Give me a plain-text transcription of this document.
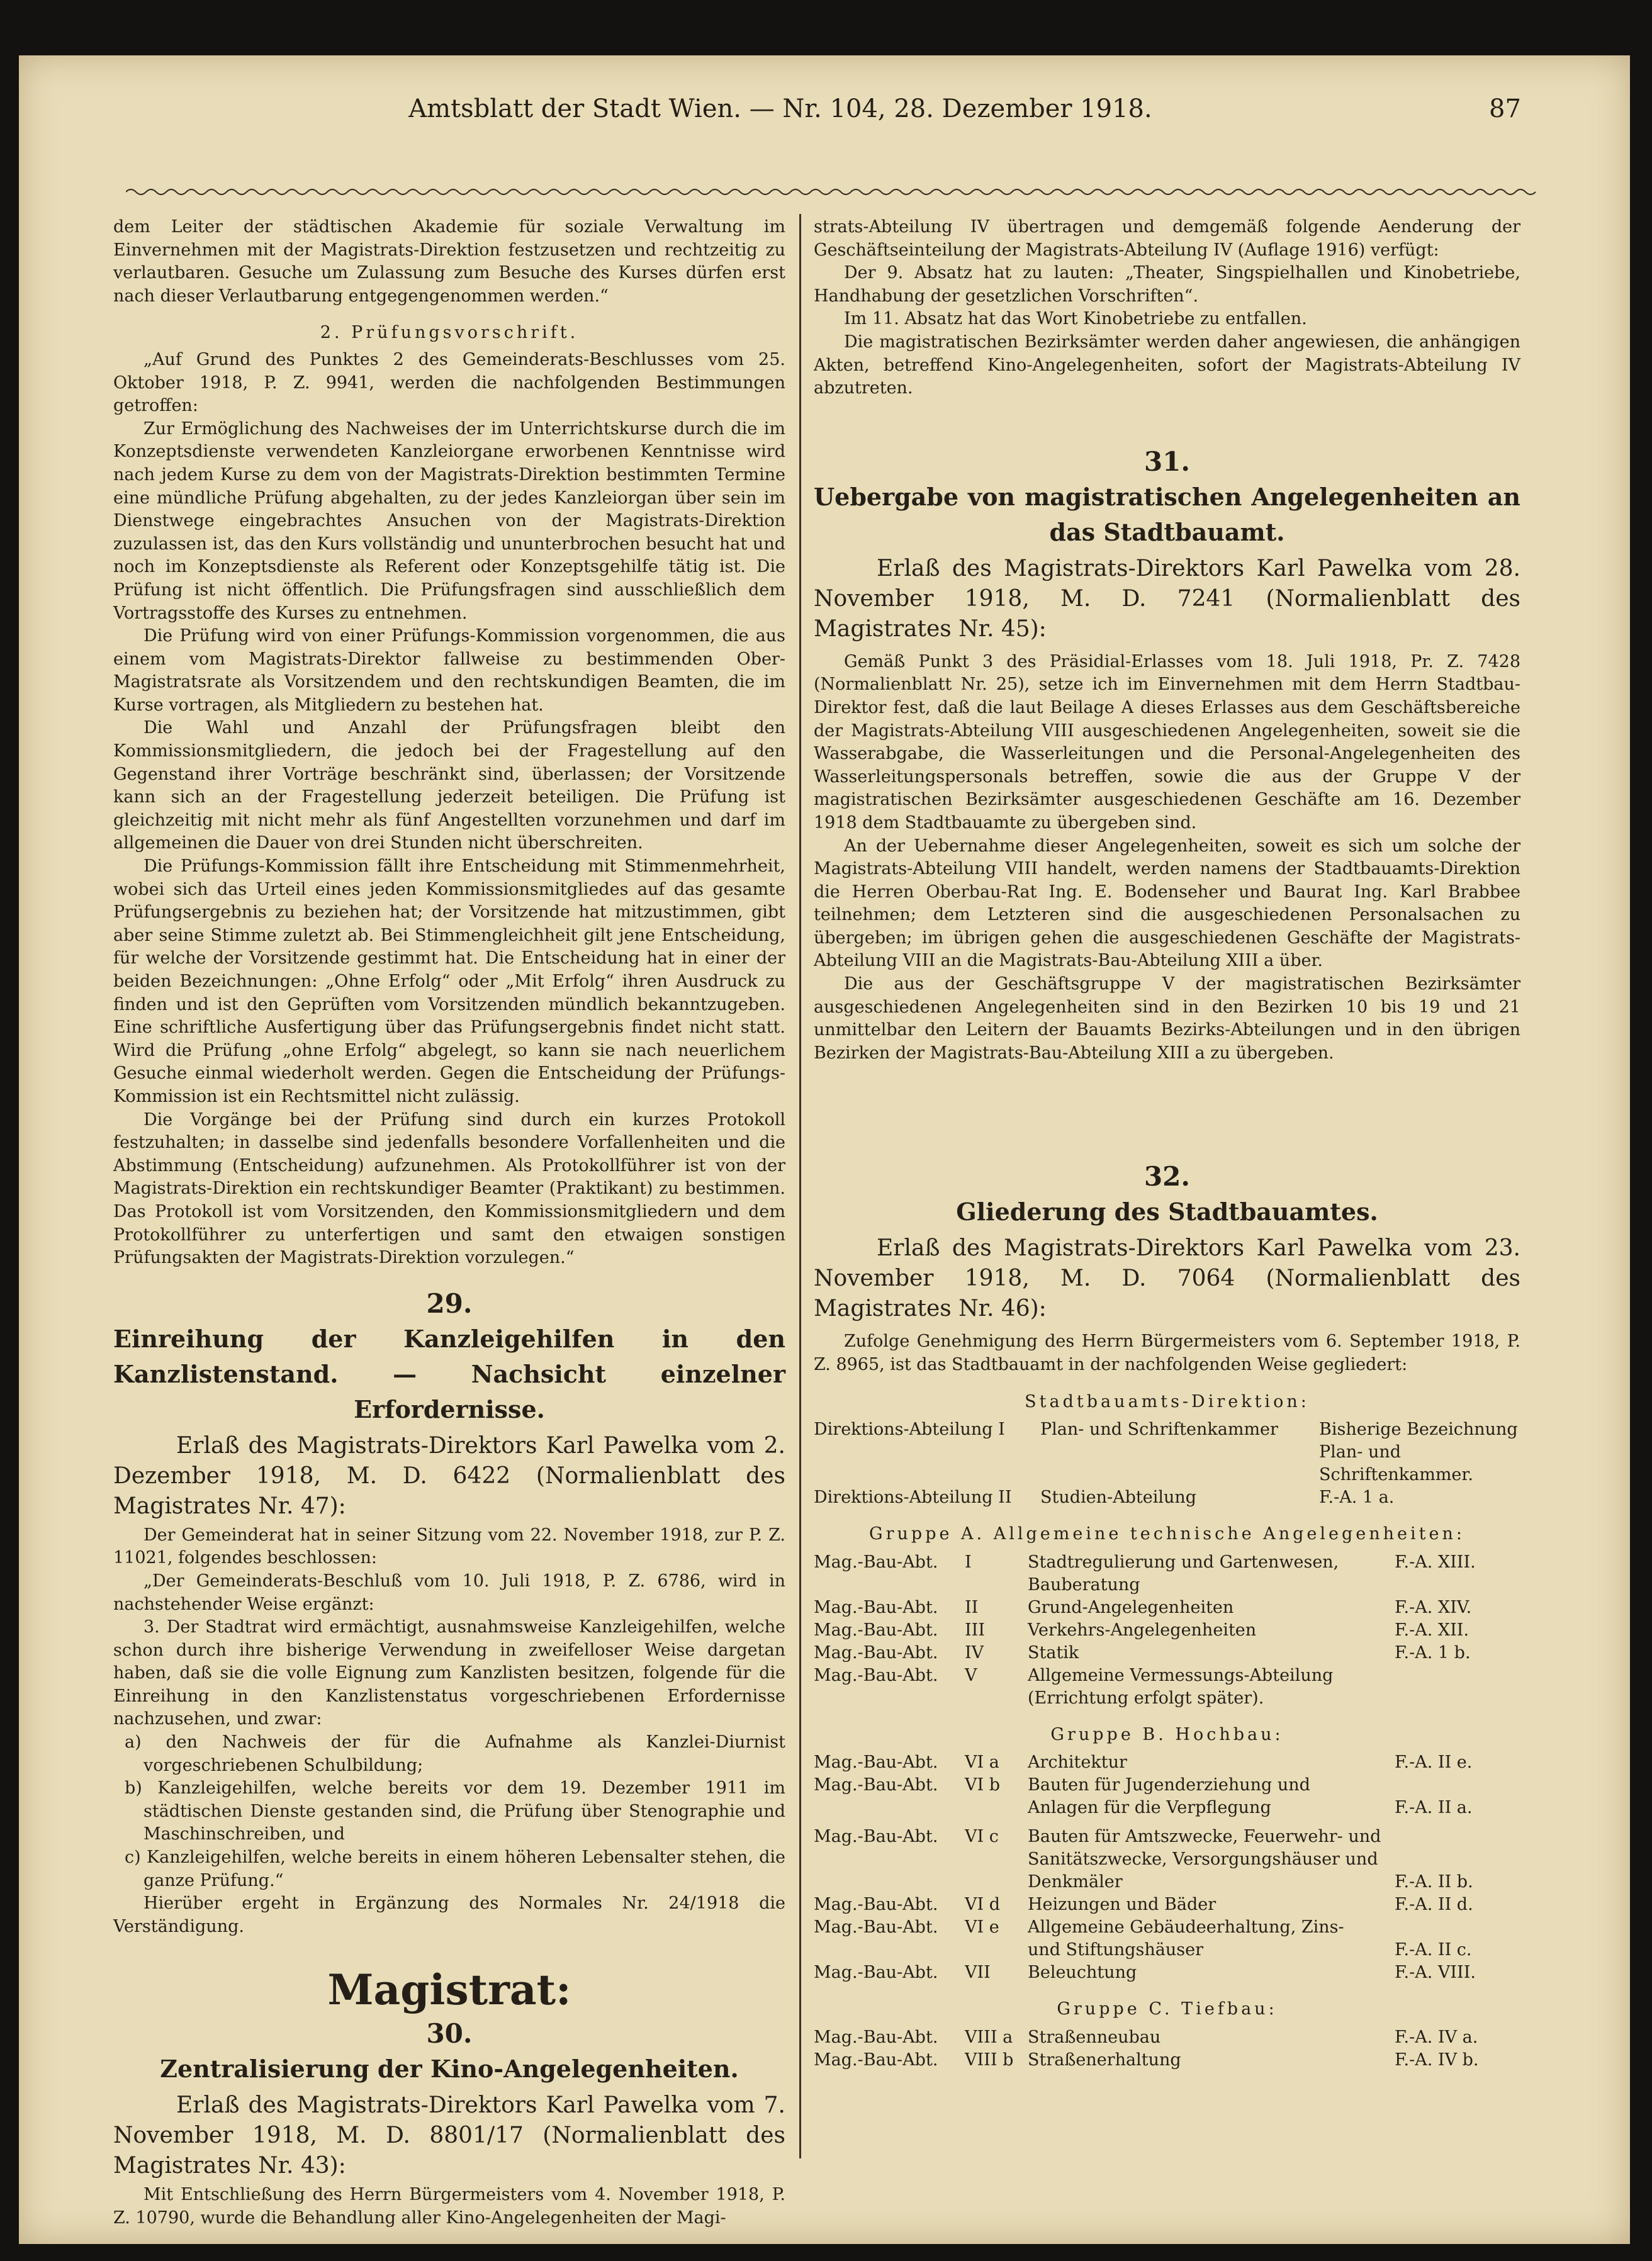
Amtsblatt der Stadt Wien. — Nr. 104, 28. Dezember 1918.	87

dem Leiter der städtischen Akademie für soziale Verwaltung im Einvernehmen mit der Magistrats-Direktion festzusetzen und rechtzeitig zu verlautbaren. Gesuche um Zulassung zum Besuche des Kurses dürfen erst nach dieser Verlautbarung entgegengenommen werden.“

2. Prüfungsvorschrift.

„Auf Grund des Punktes 2 des Gemeinderats-Beschlusses vom 25. Oktober 1918, P. Z. 9941, werden die nachfolgenden Bestimmungen getroffen:

Zur Ermöglichung des Nachweises der im Unterrichtskurse durch die im Konzeptsdienste verwendeten Kanzleiorgane erworbenen Kenntnisse wird nach jedem Kurse zu dem von der Magistrats-Direktion bestimmten Termine eine mündliche Prüfung abgehalten, zu der jedes Kanzleiorgan über sein im Dienstwege eingebrachtes Ansuchen von der Magistrats-Direktion zuzulassen ist, das den Kurs vollständig und ununterbrochen besucht hat und noch im Konzeptsdienste als Referent oder Konzeptsgehilfe tätig ist. Die Prüfung ist nicht öffentlich. Die Prüfungsfragen sind ausschließlich dem Vortragsstoffe des Kurses zu entnehmen.

Die Prüfung wird von einer Prüfungs-Kommission vorgenommen, die aus einem vom Magistrats-Direktor fallweise zu bestimmenden Ober-Magistratsrate als Vorsitzendem und den rechtskundigen Beamten, die im Kurse vortragen, als Mitgliedern zu bestehen hat.

Die Wahl und Anzahl der Prüfungsfragen bleibt den Kommissionsmitgliedern, die jedoch bei der Fragestellung auf den Gegenstand ihrer Vorträge beschränkt sind, überlassen; der Vorsitzende kann sich an der Fragestellung jederzeit beteiligen. Die Prüfung ist gleichzeitig mit nicht mehr als fünf Angestellten vorzunehmen und darf im allgemeinen die Dauer von drei Stunden nicht überschreiten.

Die Prüfungs-Kommission fällt ihre Entscheidung mit Stimmenmehrheit, wobei sich das Urteil eines jeden Kommissionsmitgliedes auf das gesamte Prüfungsergebnis zu beziehen hat; der Vorsitzende hat mitzustimmen, gibt aber seine Stimme zuletzt ab. Bei Stimmengleichheit gilt jene Entscheidung, für welche der Vorsitzende gestimmt hat. Die Entscheidung hat in einer der beiden Bezeichnungen: „Ohne Erfolg“ oder „Mit Erfolg“ ihren Ausdruck zu finden und ist den Geprüften vom Vorsitzenden mündlich bekanntzugeben. Eine schriftliche Ausfertigung über das Prüfungsergebnis findet nicht statt. Wird die Prüfung „ohne Erfolg“ abgelegt, so kann sie nach neuerlichem Gesuche einmal wiederholt werden. Gegen die Entscheidung der Prüfungs-Kommission ist ein Rechtsmittel nicht zulässig.

Die Vorgänge bei der Prüfung sind durch ein kurzes Protokoll festzuhalten; in dasselbe sind jedenfalls besondere Vorfallenheiten und die Abstimmung (Entscheidung) aufzunehmen. Als Protokollführer ist von der Magistrats-Direktion ein rechtskundiger Beamter (Praktikant) zu bestimmen. Das Protokoll ist vom Vorsitzenden, den Kommissionsmitgliedern und dem Protokollführer zu unterfertigen und samt den etwaigen sonstigen Prüfungsakten der Magistrats-Direktion vorzulegen.“

29.
Einreihung der Kanzleigehilfen in den Kanzlistenstand. — Nachsicht einzelner Erfordernisse.

Erlaß des Magistrats-Direktors Karl Pawelka vom 2. Dezember 1918, M. D. 6422 (Normalienblatt des Magistrates Nr. 47):

Der Gemeinderat hat in seiner Sitzung vom 22. November 1918, zur P. Z. 11021, folgendes beschlossen:

„Der Gemeinderats-Beschluß vom 10. Juli 1918, P. Z. 6786, wird in nachstehender Weise ergänzt:

3. Der Stadtrat wird ermächtigt, ausnahmsweise Kanzleigehilfen, welche schon durch ihre bisherige Verwendung in zweifelloser Weise dargetan haben, daß sie die volle Eignung zum Kanzlisten besitzen, folgende für die Einreihung in den Kanzlistenstatus vorgeschriebenen Erfordernisse nachzusehen, und zwar:

a) den Nachweis der für die Aufnahme als Kanzlei-Diurnist vorgeschriebenen Schulbildung;

b) Kanzleigehilfen, welche bereits vor dem 19. Dezember 1911 im städtischen Dienste gestanden sind, die Prüfung über Stenographie und Maschinschreiben, und

c) Kanzleigehilfen, welche bereits in einem höheren Lebensalter stehen, die ganze Prüfung.“

Hierüber ergeht in Ergänzung des Normales Nr. 24/1918 die Verständigung.

Magistrat:
30.
Zentralisierung der Kino-Angelegenheiten.

Erlaß des Magistrats-Direktors Karl Pawelka vom 7. November 1918, M. D. 8801/17 (Normalienblatt des Magistrates Nr. 43):

Mit Entschließung des Herrn Bürgermeisters vom 4. November 1918, P. Z. 10790, wurde die Behandlung aller Kino-Angelegenheiten der Magi-

strats-Abteilung IV übertragen und demgemäß folgende Aenderung der Geschäftseinteilung der Magistrats-Abteilung IV (Auflage 1916) verfügt:

Der 9. Absatz hat zu lauten: „Theater, Singspielhallen und Kinobetriebe, Handhabung der gesetzlichen Vorschriften“.

Im 11. Absatz hat das Wort Kinobetriebe zu entfallen.

Die magistratischen Bezirksämter werden daher angewiesen, die anhängigen Akten, betreffend Kino-Angelegenheiten, sofort der Magistrats-Abteilung IV abzutreten.

31.
Uebergabe von magistratischen Angelegenheiten an das Stadtbauamt.

Erlaß des Magistrats-Direktors Karl Pawelka vom 28. November 1918, M. D. 7241 (Normalienblatt des Magistrates Nr. 45):

Gemäß Punkt 3 des Präsidial-Erlasses vom 18. Juli 1918, Pr. Z. 7428 (Normalienblatt Nr. 25), setze ich im Einvernehmen mit dem Herrn Stadtbau-Direktor fest, daß die laut Beilage A dieses Erlasses aus dem Geschäftsbereiche der Magistrats-Abteilung VIII ausgeschiedenen Angelegenheiten, soweit sie die Wasserabgabe, die Wasserleitungen und die Personal-Angelegenheiten des Wasserleitungspersonals betreffen, sowie die aus der Gruppe V der magistratischen Bezirksämter ausgeschiedenen Geschäfte am 16. Dezember 1918 dem Stadtbauamte zu übergeben sind.

An der Uebernahme dieser Angelegenheiten, soweit es sich um solche der Magistrats-Abteilung VIII handelt, werden namens der Stadtbauamts-Direktion die Herren Oberbau-Rat Ing. E. Bodenseher und Baurat Ing. Karl Brabbee teilnehmen; dem Letzteren sind die ausgeschiedenen Personalsachen zu übergeben; im übrigen gehen die ausgeschiedenen Geschäfte der Magistrats-Abteilung VIII an die Magistrats-Bau-Abteilung XIII a über.

Die aus der Geschäftsgruppe V der magistratischen Bezirksämter ausgeschiedenen Angelegenheiten sind in den Bezirken 10 bis 19 und 21 unmittelbar den Leitern der Bauamts Bezirks-Abteilungen und in den übrigen Bezirken der Magistrats-Bau-Abteilung XIII a zu übergeben.

32.
Gliederung des Stadtbauamtes.

Erlaß des Magistrats-Direktors Karl Pawelka vom 23. November 1918, M. D. 7064 (Normalienblatt des Magistrates Nr. 46):

Zufolge Genehmigung des Herrn Bürgermeisters vom 6. September 1918, P. Z. 8965, ist das Stadtbauamt in der nachfolgenden Weise gegliedert:

Stadtbauamts-Direktion:

Direktions-Abteilung I	Plan- und Schriftenkammer	Bisherige Bezeichnung Plan- und Schriftenkammer.
Direktions-Abteilung II	Studien-Abteilung	F.-A. 1 a.

Gruppe A. Allgemeine technische Angelegenheiten:

Mag.-Bau-Abt.	I	Stadtregulierung und Gartenwesen, Bauberatung	F.-A. XIII.
Mag.-Bau-Abt.	II	Grund-Angelegenheiten	F.-A. XIV.
Mag.-Bau-Abt.	III	Verkehrs-Angelegenheiten	F.-A. XII.
Mag.-Bau-Abt.	IV	Statik	F.-A. 1 b.
Mag.-Bau-Abt.	V	Allgemeine Vermessungs-Abteilung (Errichtung erfolgt später).	

Gruppe B. Hochbau:

Mag.-Bau-Abt.	VI a	Architektur	F.-A. II e.
Mag.-Bau-Abt.	VI b	Bauten für Jugenderziehung und Anlagen für die Verpflegung	F.-A. II a.
Mag.-Bau-Abt.	VI c	Bauten für Amtszwecke, Feuerwehr- und Sanitätszwecke, Versorgungshäuser und Denkmäler	F.-A. II b.
Mag.-Bau-Abt.	VI d	Heizungen und Bäder	F.-A. II d.
Mag.-Bau-Abt.	VI e	Allgemeine Gebäudeerhaltung, Zins- und Stiftungshäuser	F.-A. II c.
Mag.-Bau-Abt.	VII	Beleuchtung	F.-A. VIII.

Gruppe C. Tiefbau:

Mag.-Bau-Abt.	VIII a	Straßenneubau	F.-A. IV a.
Mag.-Bau-Abt.	VIII b	Straßenerhaltung	F.-A. IV b.
